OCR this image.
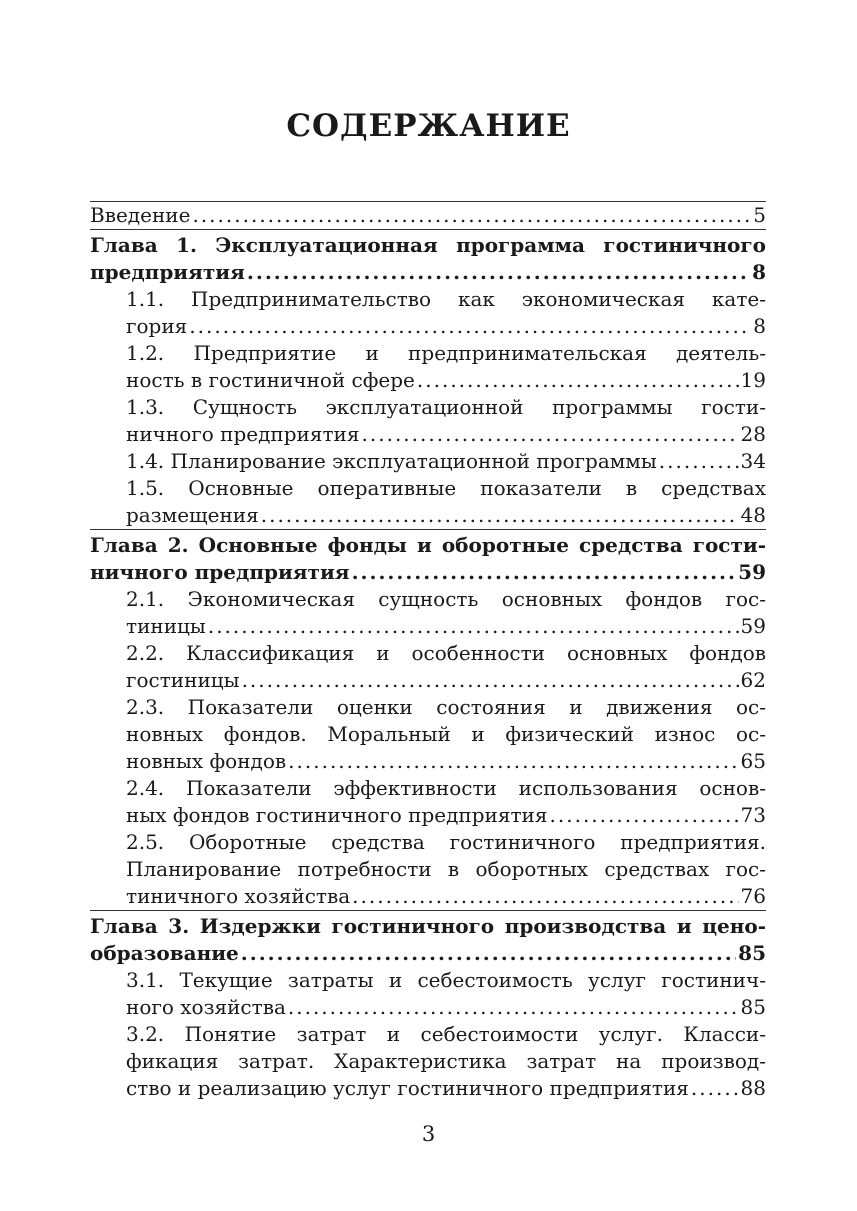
СОДЕРЖАНИЕ
Введение .....	5
Глава 1. Эксплуатационная программа гостиничного
предприятия .....	8
1.1. Предпринимательство как экономическая кате-
гория .....	8
1.2. Предприятие и предпринимательская деятель-
ность в гостиничной сфере .....	19
1.3. Сущность эксплуатационной программы гости-
ничного предприятия .....	28
1.4. Планирование эксплуатационной программы .....	34
1.5. Основные оперативные показатели в средствах
размещения .....	48
Глава 2. Основные фонды и оборотные средства гости-
ничного предприятия .....	59
2.1. Экономическая сущность основных фондов гос-
тиницы .....	59
2.2. Классификация и особенности основных фондов
гостиницы .....	62
2.3. Показатели оценки состояния и движения ос-
новных фондов. Моральный и физический износ ос-
новных фондов .....	65
2.4. Показатели эффективности использования основ-
ных фондов гостиничного предприятия .....	73
2.5. Оборотные средства гостиничного предприятия.
Планирование потребности в оборотных средствах гос-
тиничного хозяйства .....	76
Глава 3. Издержки гостиничного производства и цено-
образование .....	85
3.1. Текущие затраты и себестоимость услуг гостинич-
ного хозяйства .....	85
3.2. Понятие затрат и себестоимости услуг. Класси-
фикация затрат. Характеристика затрат на производ-
ство и реализацию услуг гостиничного предприятия .....	88
3
